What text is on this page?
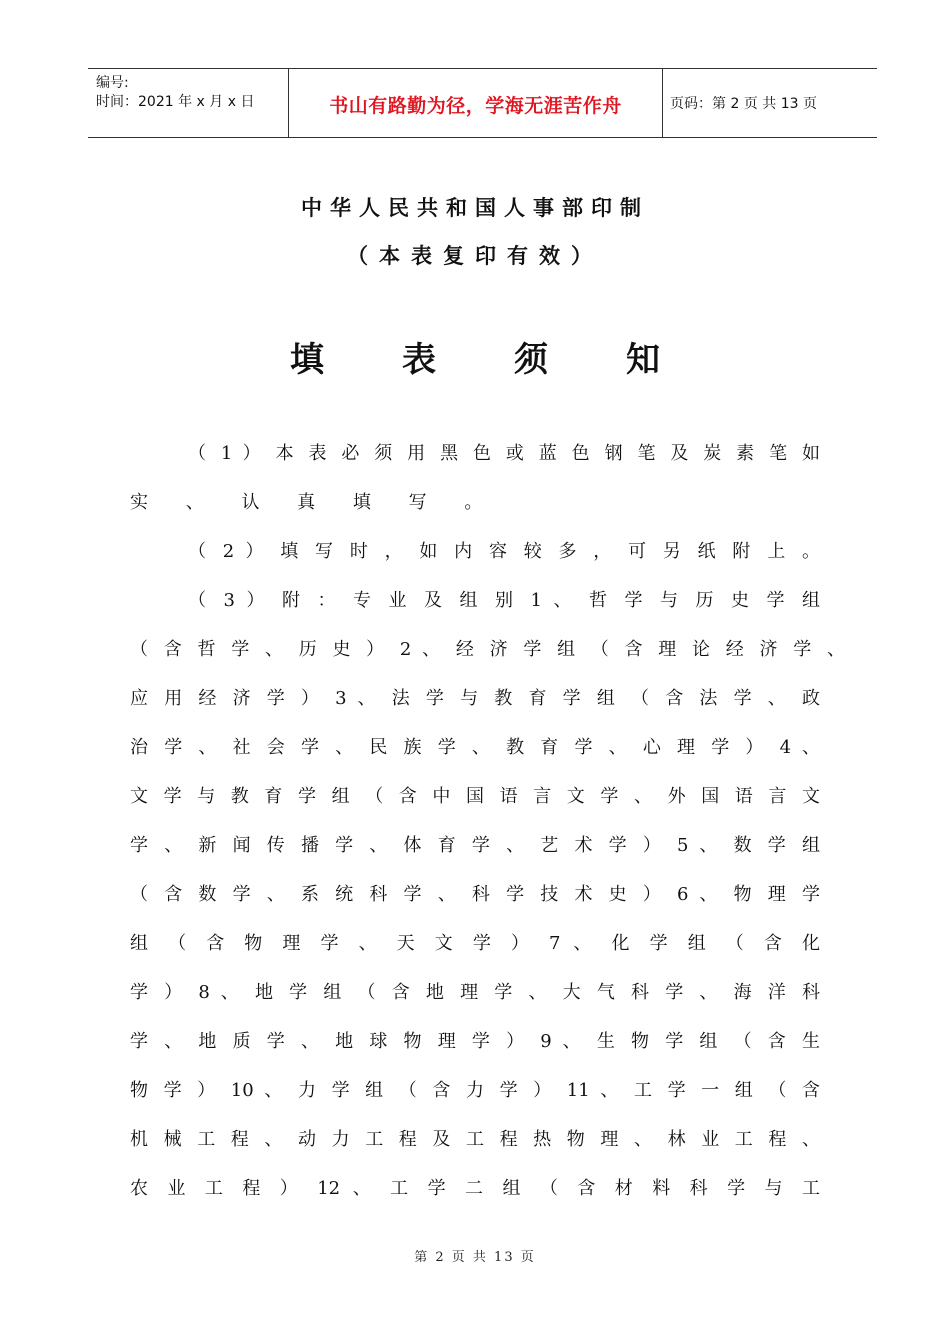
编号:
时间：2021 年 x 月 x 日	书山有路勤为径，学海无涯苦作舟	页码：第 2 页 共 13 页
中华人民共和国人事部印制
（本表复印有效）
填表须知
（ 1 ） 本 表 必 须 用 黑 色 或 蓝 色 钢 笔 及 炭 素 笔 如
实 、 认 真 填 写 。
（ 2 ） 填 写 时 ， 如 内 容 较 多 ， 可 另 纸 附 上 。
（ 3 ） 附 ： 专 业 及 组 别 1 、 哲 学 与 历 史 学 组
（ 含 哲 学 、 历 史 ） 2 、 经 济 学 组 （ 含 理 论 经 济 学 、
应 用 经 济 学 ） 3 、 法 学 与 教 育 学 组 （ 含 法 学 、 政
治 学 、 社 会 学 、 民 族 学 、 教 育 学 、 心 理 学 ） 4 、
文 学 与 教 育 学 组 （ 含 中 国 语 言 文 学 、 外 国 语 言 文
学 、 新 闻 传 播 学 、 体 育 学 、 艺 术 学 ） 5 、 数 学 组
（ 含 数 学 、 系 统 科 学 、 科 学 技 术 史 ） 6 、 物 理 学
组 （ 含 物 理 学 、 天 文 学 ） 7 、 化 学 组 （ 含 化
学 ） 8 、 地 学 组 （ 含 地 理 学 、 大 气 科 学 、 海 洋 科
学 、 地 质 学 、 地 球 物 理 学 ） 9 、 生 物 学 组 （ 含 生
物 学 ） 10 、 力 学 组 （ 含 力 学 ） 11 、 工 学 一 组 （ 含
机 械 工 程 、 动 力 工 程 及 工 程 热 物 理 、 林 业 工 程 、
农 业 工 程 ） 12 、 工 学 二 组 （ 含 材 料 科 学 与 工
第 2 页 共 13 页
